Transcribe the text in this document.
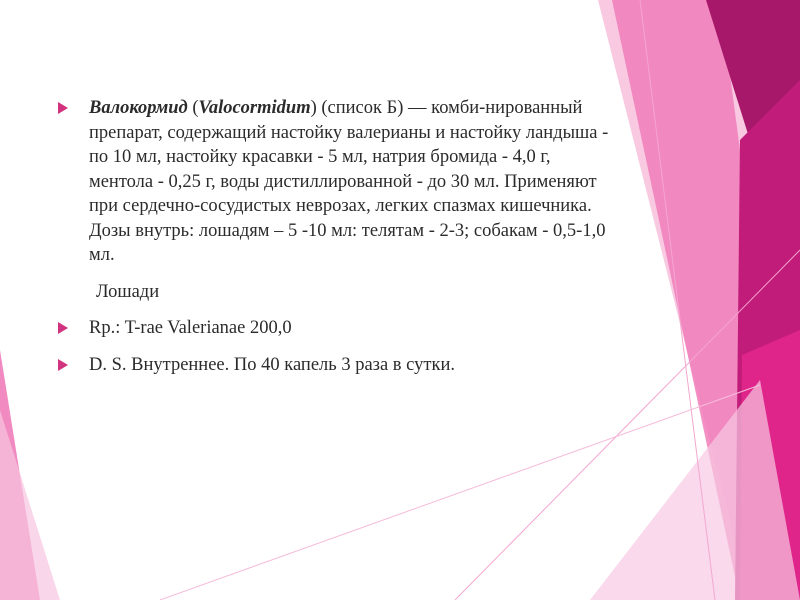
Валокормид (Valocormidum) (список Б) — комби-нированный препарат, содержащий настойку валерианы и настойку ландыша - по 10 мл, настойку красавки - 5 мл, натрия бромида - 4,0 г, ментола - 0,25 г, воды дистиллированной - до 30 мл. Применяют при сердечно-сосудистых неврозах, легких спазмах кишечника. Дозы внутрь: лошадям – 5 -10 мл: телятам - 2-3; собакам - 0,5-1,0 мл.
Лошади
Rp.: T-rae Valerianae 200,0
D. S. Внутреннее. По 40 капель 3 раза в сутки.
